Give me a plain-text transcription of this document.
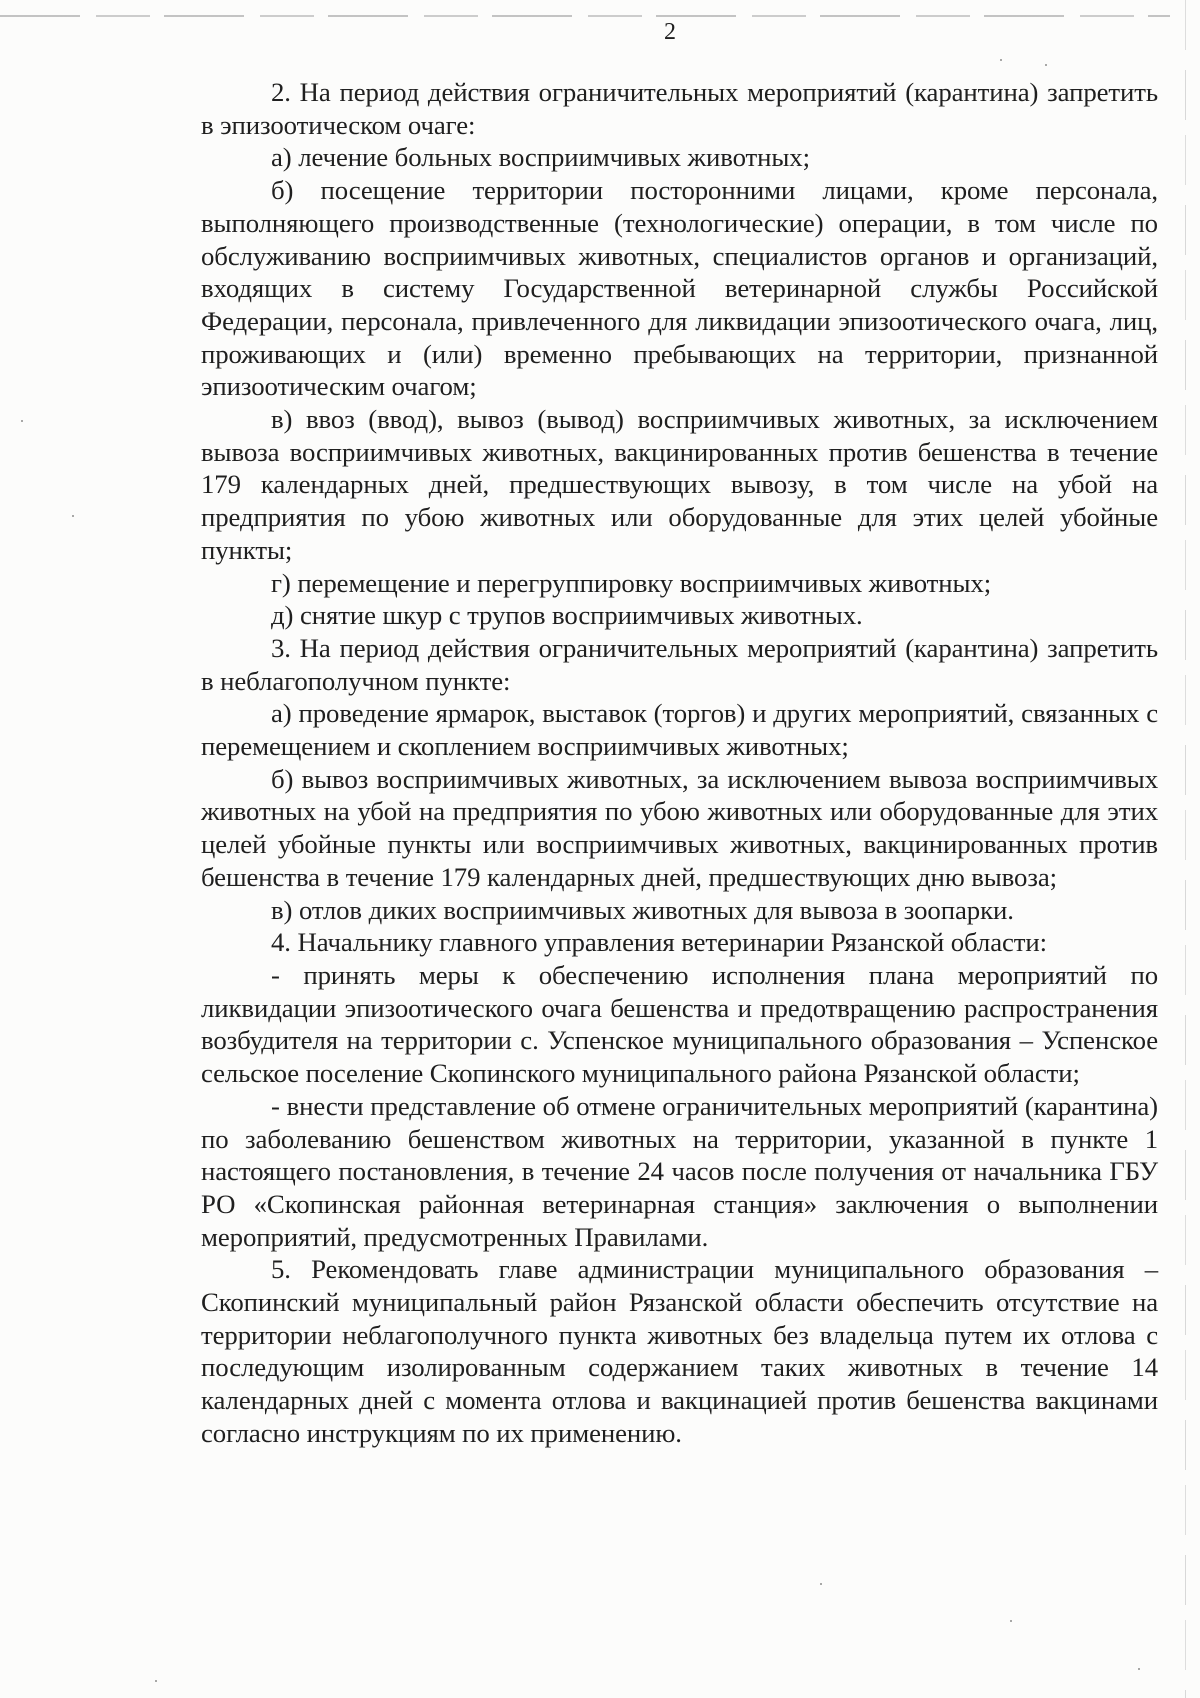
2

2. На период действия ограничительных мероприятий (карантина) запретить в эпизоотическом очаге:

а) лечение больных восприимчивых животных;

б) посещение территории посторонними лицами, кроме персонала, выполняющего производственные (технологические) операции, в том числе по обслуживанию восприимчивых животных, специалистов органов и организаций, входящих в систему Государственной ветеринарной службы Российской Федерации, персонала, привлеченного для ликвидации эпизоотического очага, лиц, проживающих и (или) временно пребывающих на территории, признанной эпизоотическим очагом;

в) ввоз (ввод), вывоз (вывод) восприимчивых животных, за исключением вывоза восприимчивых животных, вакцинированных против бешенства в течение 179 календарных дней, предшествующих вывозу, в том числе на убой на предприятия по убою животных или оборудованные для этих целей убойные пункты;

г) перемещение и перегруппировку восприимчивых животных;

д) снятие шкур с трупов восприимчивых животных.

3. На период действия ограничительных мероприятий (карантина) запретить в неблагополучном пункте:

а) проведение ярмарок, выставок (торгов) и других мероприятий, связанных с перемещением и скоплением восприимчивых животных;

б) вывоз восприимчивых животных, за исключением вывоза восприимчивых животных на убой на предприятия по убою животных или оборудованные для этих целей убойные пункты или восприимчивых животных, вакцинированных против бешенства в течение 179 календарных дней, предшествующих дню вывоза;

в) отлов диких восприимчивых животных для вывоза в зоопарки.

4. Начальнику главного управления ветеринарии Рязанской области:

- принять меры к обеспечению исполнения плана мероприятий по ликвидации эпизоотического очага бешенства и предотвращению распространения возбудителя на территории с. Успенское муниципального образования – Успенское сельское поселение Скопинского муниципального района Рязанской области;

- внести представление об отмене ограничительных мероприятий (карантина) по заболеванию бешенством животных на территории, указанной в пункте 1 настоящего постановления, в течение 24 часов после получения от начальника ГБУ РО «Скопинская районная ветеринарная станция» заключения о выполнении мероприятий, предусмотренных Правилами.

5. Рекомендовать главе администрации муниципального образования – Скопинский муниципальный район Рязанской области обеспечить отсутствие на территории неблагополучного пункта животных без владельца путем их отлова с последующим изолированным содержанием таких животных в течение 14 календарных дней с момента отлова и вакцинацией против бешенства вакцинами согласно инструкциям по их применению.
